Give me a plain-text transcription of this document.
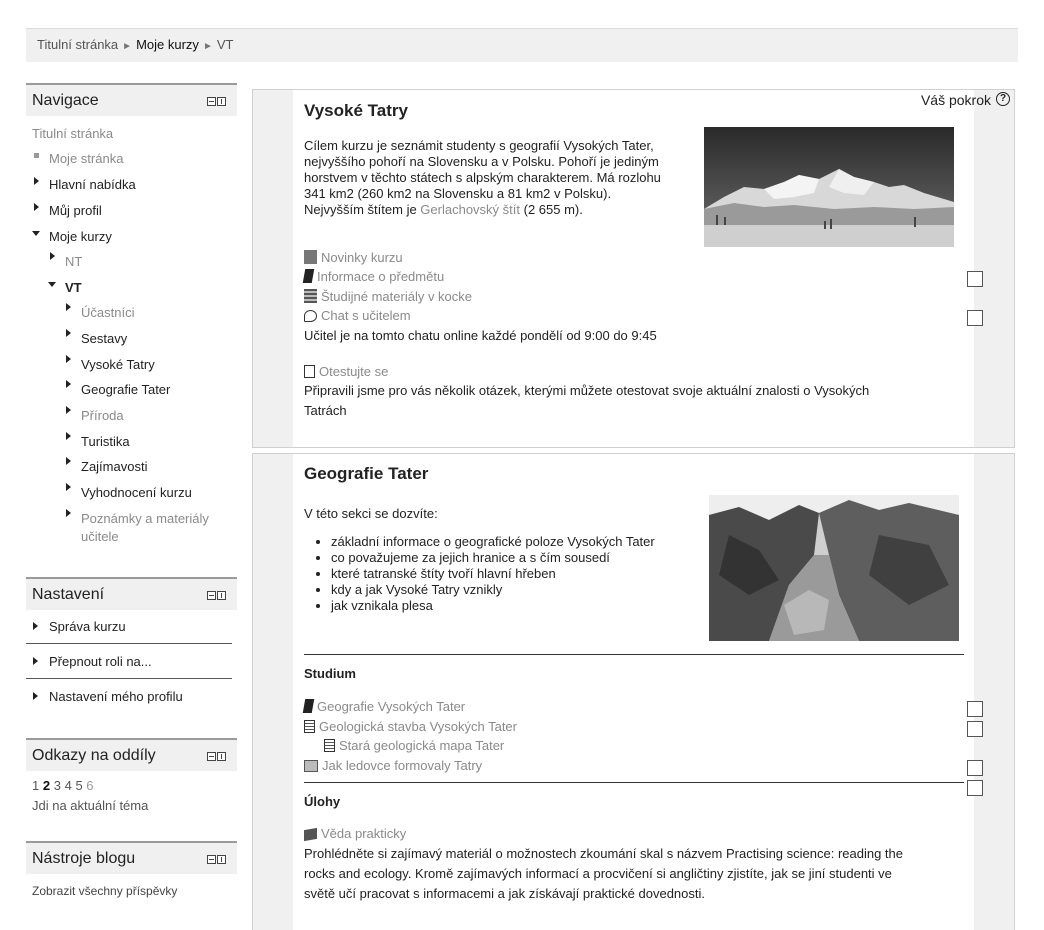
Titulní stránka ► Moje kurzy ► VT
Navigace
Titulní stránka
Moje stránka
Hlavní nabídka
Můj profil
Moje kurzy
NT
VT
Účastníci
Sestavy
Vysoké Tatry
Geografie Tater
Příroda
Turistika
Zajímavosti
Vyhodnocení kurzu
Poznámky a materiály
učitele
Nastavení
Správa kurzu
Přepnout roli na...
Nastavení mého profilu
Odkazy na oddíly
1 2 3 4 5 6
Jdi na aktuální téma
Nástroje blogu
Zobrazit všechny příspěvky
Váš pokrok ?
Vysoké Tatry
Cílem kurzu je seznámit studenty s geografií Vysokých Tater,
nejvyššího pohoří na Slovensku a v Polsku. Pohoří je jediným
horstvem v těchto státech s alpským charakterem. Má rozlohu
341 km2 (260 km2 na Slovensku a 81 km2 v Polsku).
Nejvyšším štítem je Gerlachovský štít (2 655 m).
Novinky kurzu
Informace o předmětu
Študijné materiály v kocke
Chat s učitelem
Učitel je na tomto chatu online každé pondělí od 9:00 do 9:45
Otestujte se
Připravili jsme pro vás několik otázek, kterými můžete otestovat svoje aktuální znalosti o Vysokých
Tatrách
Geografie Tater
V této sekci se dozvíte:
• základní informace o geografické poloze Vysokých Tater
• co považujeme za jejich hranice a s čím sousedí
• které tatranské štíty tvoří hlavní hřeben
• kdy a jak Vysoké Tatry vznikly
• jak vznikala plesa
Studium
Geografie Vysokých Tater
Geologická stavba Vysokých Tater
Stará geologická mapa Tater
Jak ledovce formovaly Tatry
Úlohy
Věda prakticky
Prohlédněte si zajímavý materiál o možnostech zkoumání skal s názvem Practising science: reading the
rocks and ecology. Kromě zajímavých informací a procvičení si angličtiny zjistíte, jak se jiní studenti ve
světě učí pracovat s informacemi a jak získávají praktické dovednosti.
